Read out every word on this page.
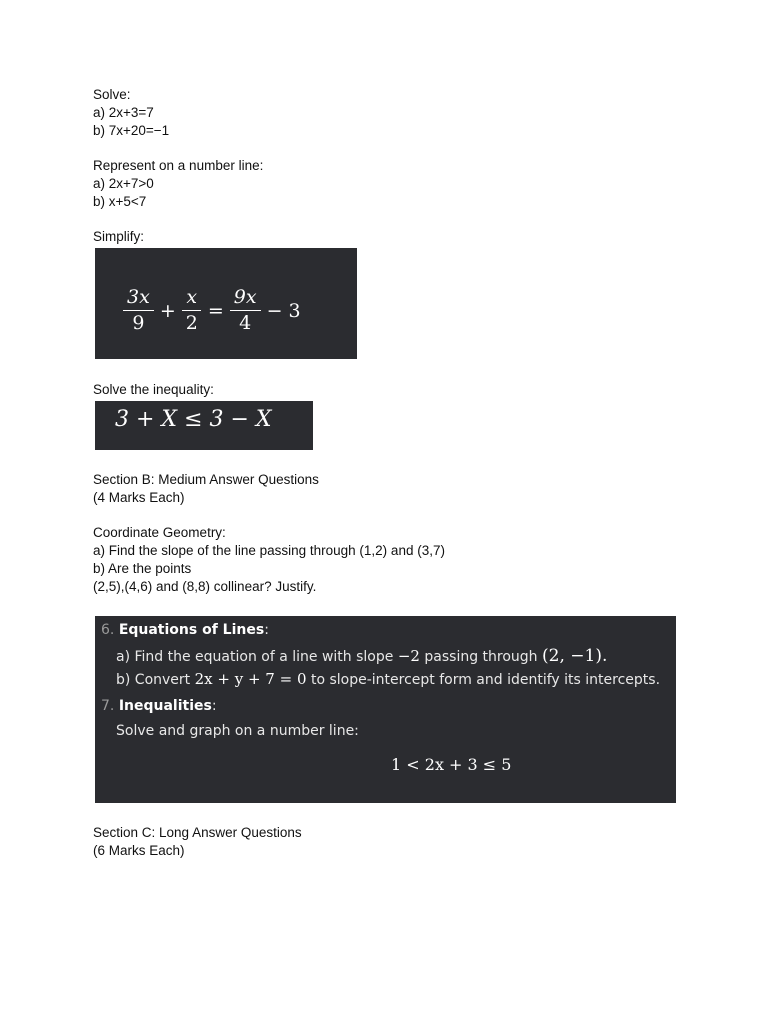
Solve:
a) 2x+3=7
b) 7x+20=−1
Represent on a number line:
a) 2x+7>0
b) x+5<7
Simplify:
$\frac{3x}{9} + \frac{x}{2} = \frac{9x}{4} - 3$
Solve the inequality:
3 + X ≤ 3 − X
Section B: Medium Answer Questions
(4 Marks Each)
Coordinate Geometry:
a) Find the slope of the line passing through (1,2) and (3,7)
b) Are the points
(2,5),(4,6) and (8,8) collinear? Justify.
6. Equations of Lines:
a) Find the equation of a line with slope −2 passing through (2, −1).
b) Convert 2x + y + 7 = 0 to slope-intercept form and identify its intercepts.
7. Inequalities:
Solve and graph on a number line:
1 < 2x + 3 ≤ 5
Section C: Long Answer Questions
(6 Marks Each)
